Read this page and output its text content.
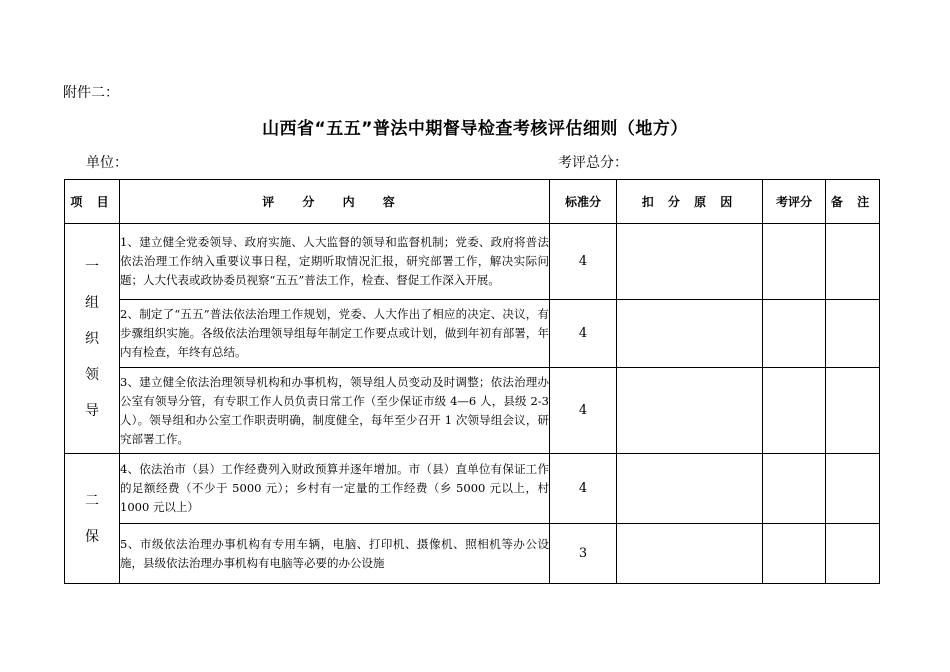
附件二：
山西省“五五”普法中期督导检查考核评估细则（地方）
单位：	考评总分：
项 目	评 分 内 容	标准分	扣 分 原 因	考评分	备 注

一
组
织
领
导	1、建立健全党委领导、政府实施、人大监督的领导和监督机制；党委、政府将普法依法治理工作纳入重要议事日程，定期听取情况汇报，研究部署工作，解决实际问题；人大代表或政协委员视察“五五”普法工作，检查、督促工作深入开展。	4			
	2、制定了“五五”普法依法治理工作规划，党委、人大作出了相应的决定、决议，有步骤组织实施。各级依法治理领导组每年制定工作要点或计划，做到年初有部署，年内有检查，年终有总结。	4			
	3、建立健全依法治理领导机构和办事机构，领导组人员变动及时调整；依法治理办公室有领导分管，有专职工作人员负责日常工作（至少保证市级 4—6 人，县级 2-3 人）。领导组和办公室工作职责明确，制度健全，每年至少召开 1 次领导组会议，研究部署工作。	4			

二
保	4、依法治市（县）工作经费列入财政预算并逐年增加。市（县）直单位有保证工作的足额经费（不少于 5000 元）；乡村有一定量的工作经费（乡 5000 元以上，村 1000 元以上）	4			
	5、市级依法治理办事机构有专用车辆，电脑、打印机、摄像机、照相机等办公设施，县级依法治理办事机构有电脑等必要的办公设施	3			
